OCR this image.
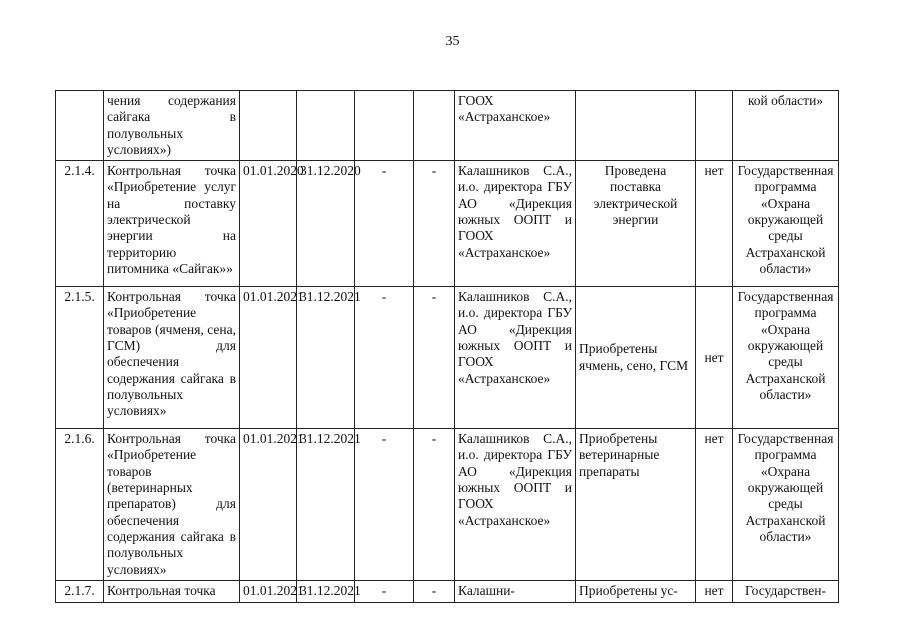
35
	чения содержания сайгака в полувольных условиях»)					ГООХ «Астраханское»			кой области»
2.1.4.	Контрольная точка «Приобретение услуг на поставку электрической энергии на территорию питомника «Сайгак»»	01.01.2020	31.12.2020	-	-	Калашников С.А., и.о. директора ГБУ АО «Дирекция южных ООПТ и ГООХ «Астраханское»	Проведена поставка электрической энергии	нет	Государственная программа «Охрана окружающей среды Астраханской области»
2.1.5.	Контрольная точка «Приобретение товаров (ячменя, сена, ГСМ) для обеспечения содержания сайгака в полувольных условиях»	01.01.2021	31.12.2021	-	-	Калашников С.А., и.о. директора ГБУ АО «Дирекция южных ООПТ и ГООХ «Астраханское»	Приобретены ячмень, сено, ГСМ	нет	Государственная программа «Охрана окружающей среды Астраханской области»
2.1.6.	Контрольная точка «Приобретение товаров (ветеринарных препаратов) для обеспечения содержания сайгака в полувольных условиях»	01.01.2021	31.12.2021	-	-	Калашников С.А., и.о. директора ГБУ АО «Дирекция южных ООПТ и ГООХ «Астраханское»	Приобретены ветеринарные препараты	нет	Государственная программа «Охрана окружающей среды Астраханской области»
2.1.7.	Контрольная точка	01.01.2021	31.12.2021	-	-	Калашни-	Приобретены ус-	нет	Государствен-
